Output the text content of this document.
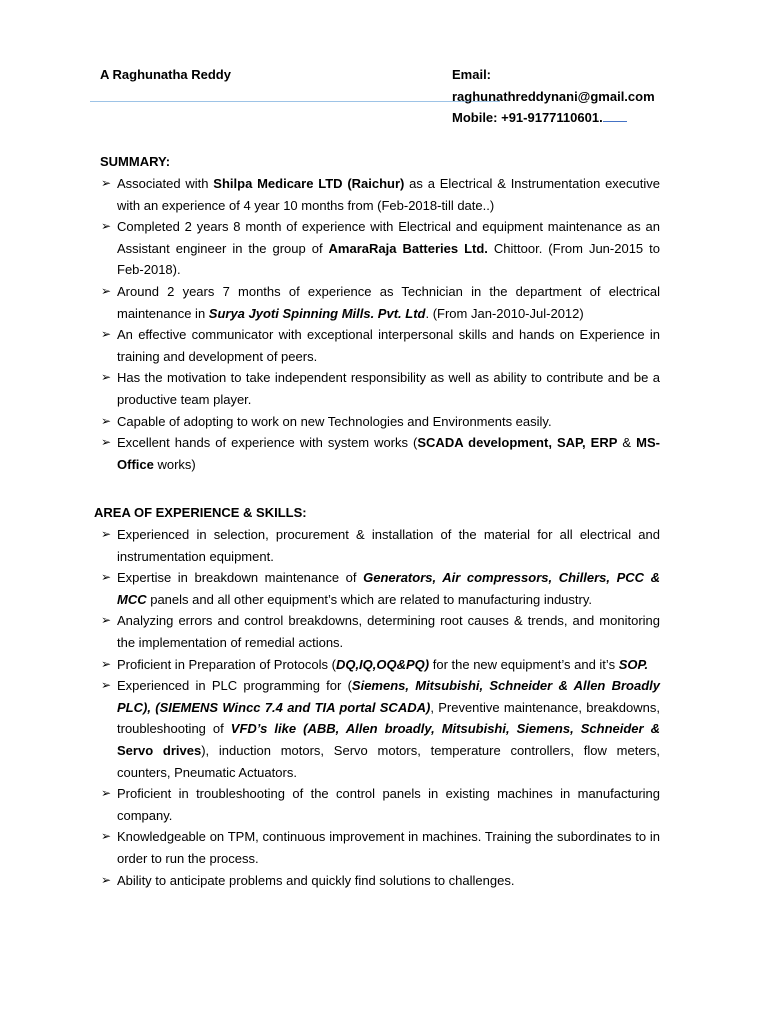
A Raghunatha Reddy	Email:
raghunathreddynani@gmail.com
Mobile: +91-9177110601.
SUMMARY:
➢ Associated with Shilpa Medicare LTD (Raichur) as a Electrical & Instrumentation executive with an experience of 4 year 10 months from (Feb-2018-till date..)
➢ Completed 2 years 8 month of experience with Electrical and equipment maintenance as an Assistant engineer in the group of AmaraRaja Batteries Ltd. Chittoor. (From Jun-2015 to Feb-2018).
➢ Around 2 years 7 months of experience as Technician in the department of electrical maintenance in Surya Jyoti Spinning Mills. Pvt. Ltd. (From Jan-2010-Jul-2012)
➢ An effective communicator with exceptional interpersonal skills and hands on Experience in training and development of peers.
➢ Has the motivation to take independent responsibility as well as ability to contribute and be a productive team player.
➢ Capable of adopting to work on new Technologies and Environments easily.
➢ Excellent hands of experience with system works (SCADA development, SAP, ERP & MS-Office works)
AREA OF EXPERIENCE & SKILLS:
➢ Experienced in selection, procurement & installation of the material for all electrical and instrumentation equipment.
➢ Expertise in breakdown maintenance of Generators, Air compressors, Chillers, PCC & MCC panels and all other equipment’s which are related to manufacturing industry.
➢ Analyzing errors and control breakdowns, determining root causes & trends, and monitoring the implementation of remedial actions.
➢ Proficient in Preparation of Protocols (DQ,IQ,OQ&PQ) for the new equipment’s and it’s SOP.
➢ Experienced in PLC programming for (Siemens, Mitsubishi, Schneider & Allen Broadly PLC), (SIEMENS Wincc 7.4 and TIA portal SCADA), Preventive maintenance, breakdowns, troubleshooting of VFD’s like (ABB, Allen broadly, Mitsubishi, Siemens, Schneider & Servo drives), induction motors, Servo motors, temperature controllers, flow meters, counters, Pneumatic Actuators.
➢ Proficient in troubleshooting of the control panels in existing machines in manufacturing company.
➢ Knowledgeable on TPM, continuous improvement in machines. Training the subordinates to in order to run the process.
➢ Ability to anticipate problems and quickly find solutions to challenges.
